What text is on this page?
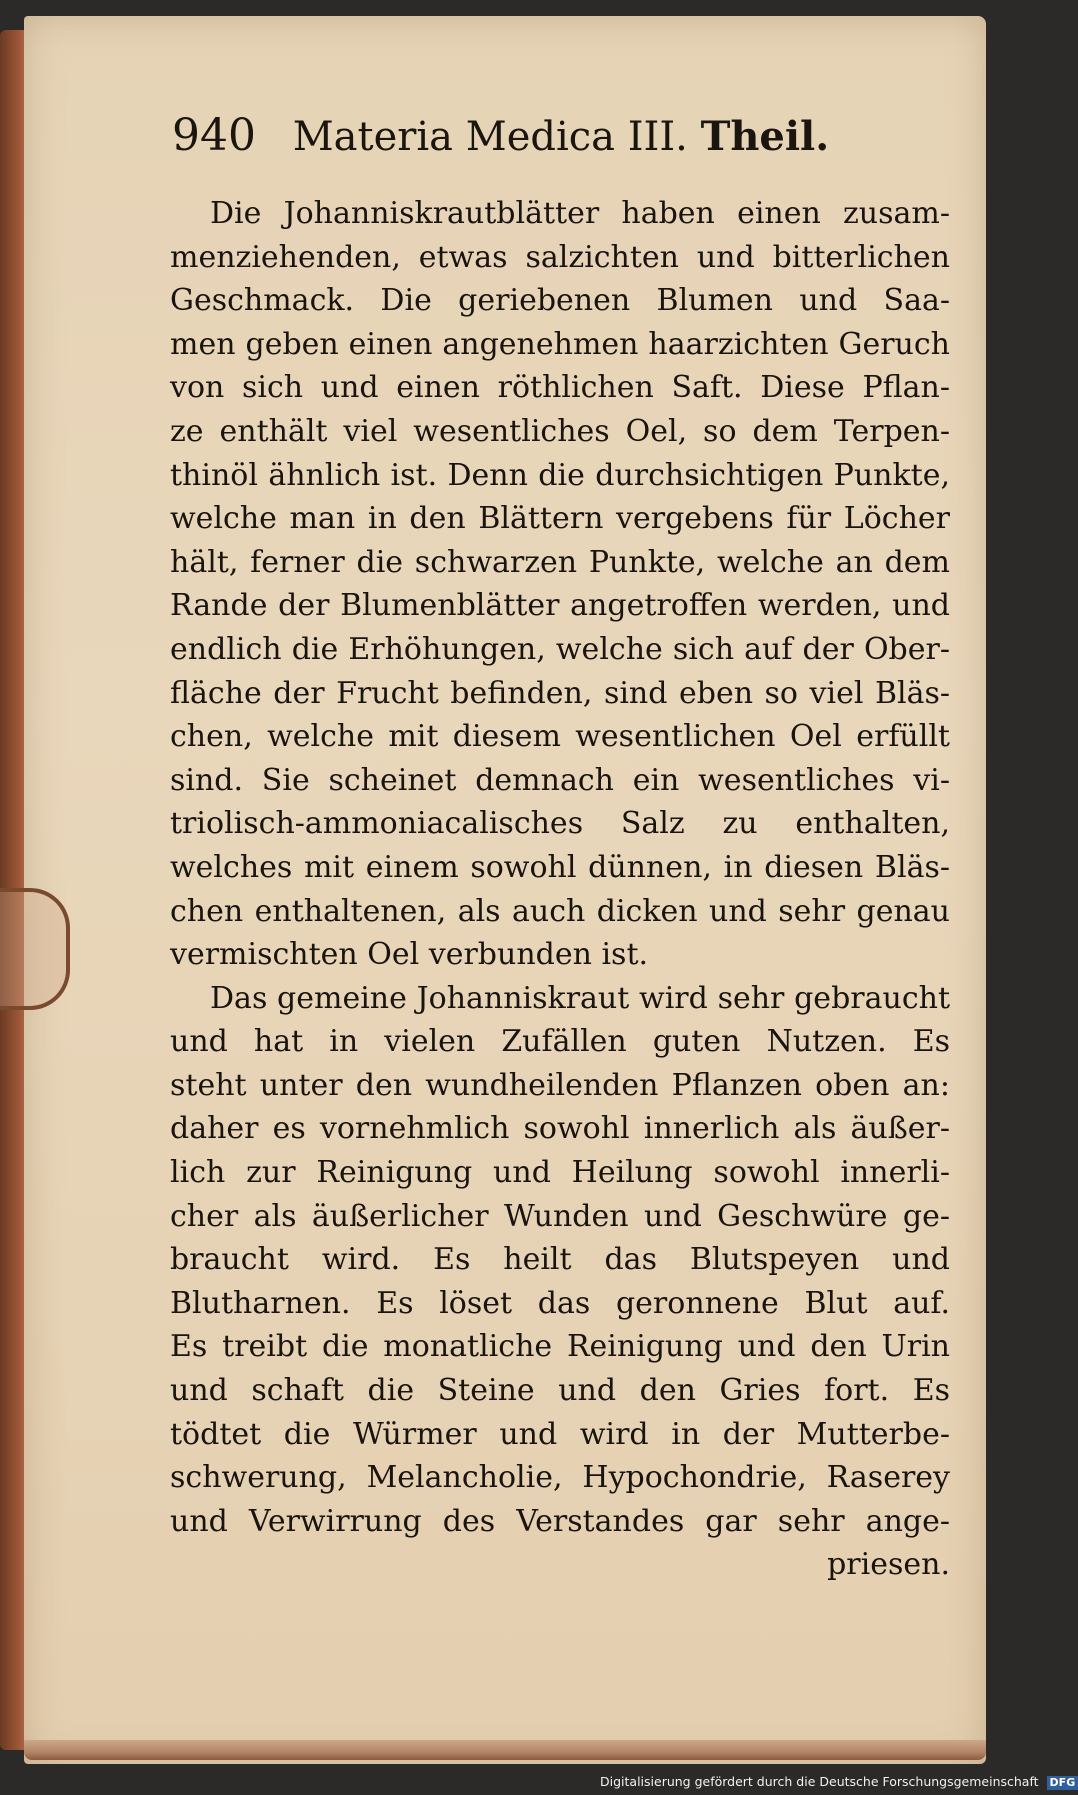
940 Materia Medica III. Theil.
Die Johanniskrautblätter haben einen zusam-
menziehenden, etwas salzichten und bitterlichen
Geschmack. Die geriebenen Blumen und Saa-
men geben einen angenehmen haarzichten Geruch
von sich und einen röthlichen Saft. Diese Pflan-
ze enthält viel wesentliches Oel, so dem Terpen-
thinöl ähnlich ist. Denn die durchsichtigen Punkte,
welche man in den Blättern vergebens für Löcher
hält, ferner die schwarzen Punkte, welche an dem
Rande der Blumenblätter angetroffen werden, und
endlich die Erhöhungen, welche sich auf der Ober-
fläche der Frucht befinden, sind eben so viel Bläs-
chen, welche mit diesem wesentlichen Oel erfüllt
sind. Sie scheinet demnach ein wesentliches vi-
triolisch-ammoniacalisches Salz zu enthalten,
welches mit einem sowohl dünnen, in diesen Bläs-
chen enthaltenen, als auch dicken und sehr genau
vermischten Oel verbunden ist.
Das gemeine Johanniskraut wird sehr gebraucht
und hat in vielen Zufällen guten Nutzen. Es
steht unter den wundheilenden Pflanzen oben an:
daher es vornehmlich sowohl innerlich als äußer-
lich zur Reinigung und Heilung sowohl innerli-
cher als äußerlicher Wunden und Geschwüre ge-
braucht wird. Es heilt das Blutspeyen und
Blutharnen. Es löset das geronnene Blut auf.
Es treibt die monatliche Reinigung und den Urin
und schaft die Steine und den Gries fort. Es
tödtet die Würmer und wird in der Mutterbe-
schwerung, Melancholie, Hypochondrie, Raserey
und Verwirrung des Verstandes gar sehr ange-
priesen.
Digitalisierung gefördert durch die Deutsche Forschungsgemeinschaft DFG
